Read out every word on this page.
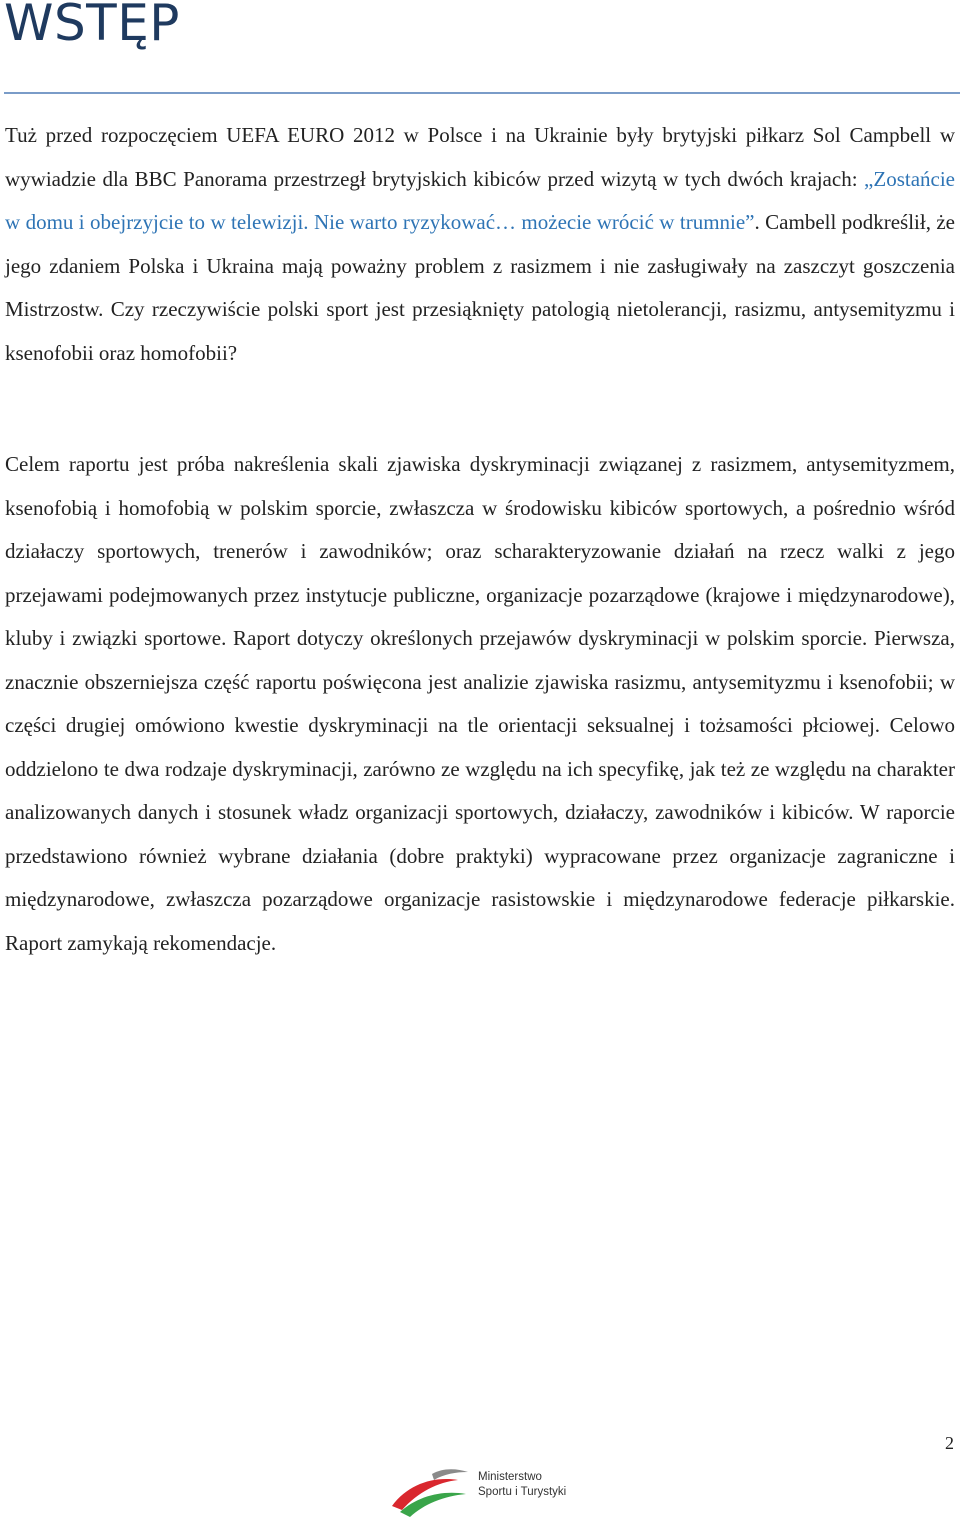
WSTĘP

Tuż przed rozpoczęciem UEFA EURO 2012 w Polsce i na Ukrainie były brytyjski piłkarz Sol Campbell w wywiadzie dla BBC Panorama przestrzegł brytyjskich kibiców przed wizytą w tych dwóch krajach: „Zostańcie w domu i obejrzyjcie to w telewizji. Nie warto ryzykować… możecie wrócić w trumnie”. Cambell podkreślił, że jego zdaniem Polska i Ukraina mają poważny problem z rasizmem i nie zasługiwały na zaszczyt goszczenia Mistrzostw. Czy rzeczywiście polski sport jest przesiąknięty patologią nietolerancji, rasizmu, antysemityzmu i ksenofobii oraz homofobii?

Celem raportu jest próba nakreślenia skali zjawiska dyskryminacji związanej z rasizmem, antysemityzmem, ksenofobią i homofobią w polskim sporcie, zwłaszcza w środowisku kibiców sportowych, a pośrednio wśród działaczy sportowych, trenerów i zawodników; oraz scharakteryzowanie działań na rzecz walki z jego przejawami podejmowanych przez instytucje publiczne, organizacje pozarządowe (krajowe i międzynarodowe), kluby i związki sportowe. Raport dotyczy określonych przejawów dyskryminacji w polskim sporcie. Pierwsza, znacznie obszerniejsza część raportu poświęcona jest analizie zjawiska rasizmu, antysemityzmu i ksenofobii; w części drugiej omówiono kwestie dyskryminacji na tle orientacji seksualnej i tożsamości płciowej. Celowo oddzielono te dwa rodzaje dyskryminacji, zarówno ze względu na ich specyfikę, jak też ze względu na charakter analizowanych danych i stosunek władz organizacji sportowych, działaczy, zawodników i kibiców. W raporcie przedstawiono również wybrane działania (dobre praktyki) wypracowane przez organizacje zagraniczne i międzynarodowe, zwłaszcza pozarządowe organizacje rasistowskie i międzynarodowe federacje piłkarskie. Raport zamykają rekomendacje.

2
Ministerstwo
Sportu i Turystyki
